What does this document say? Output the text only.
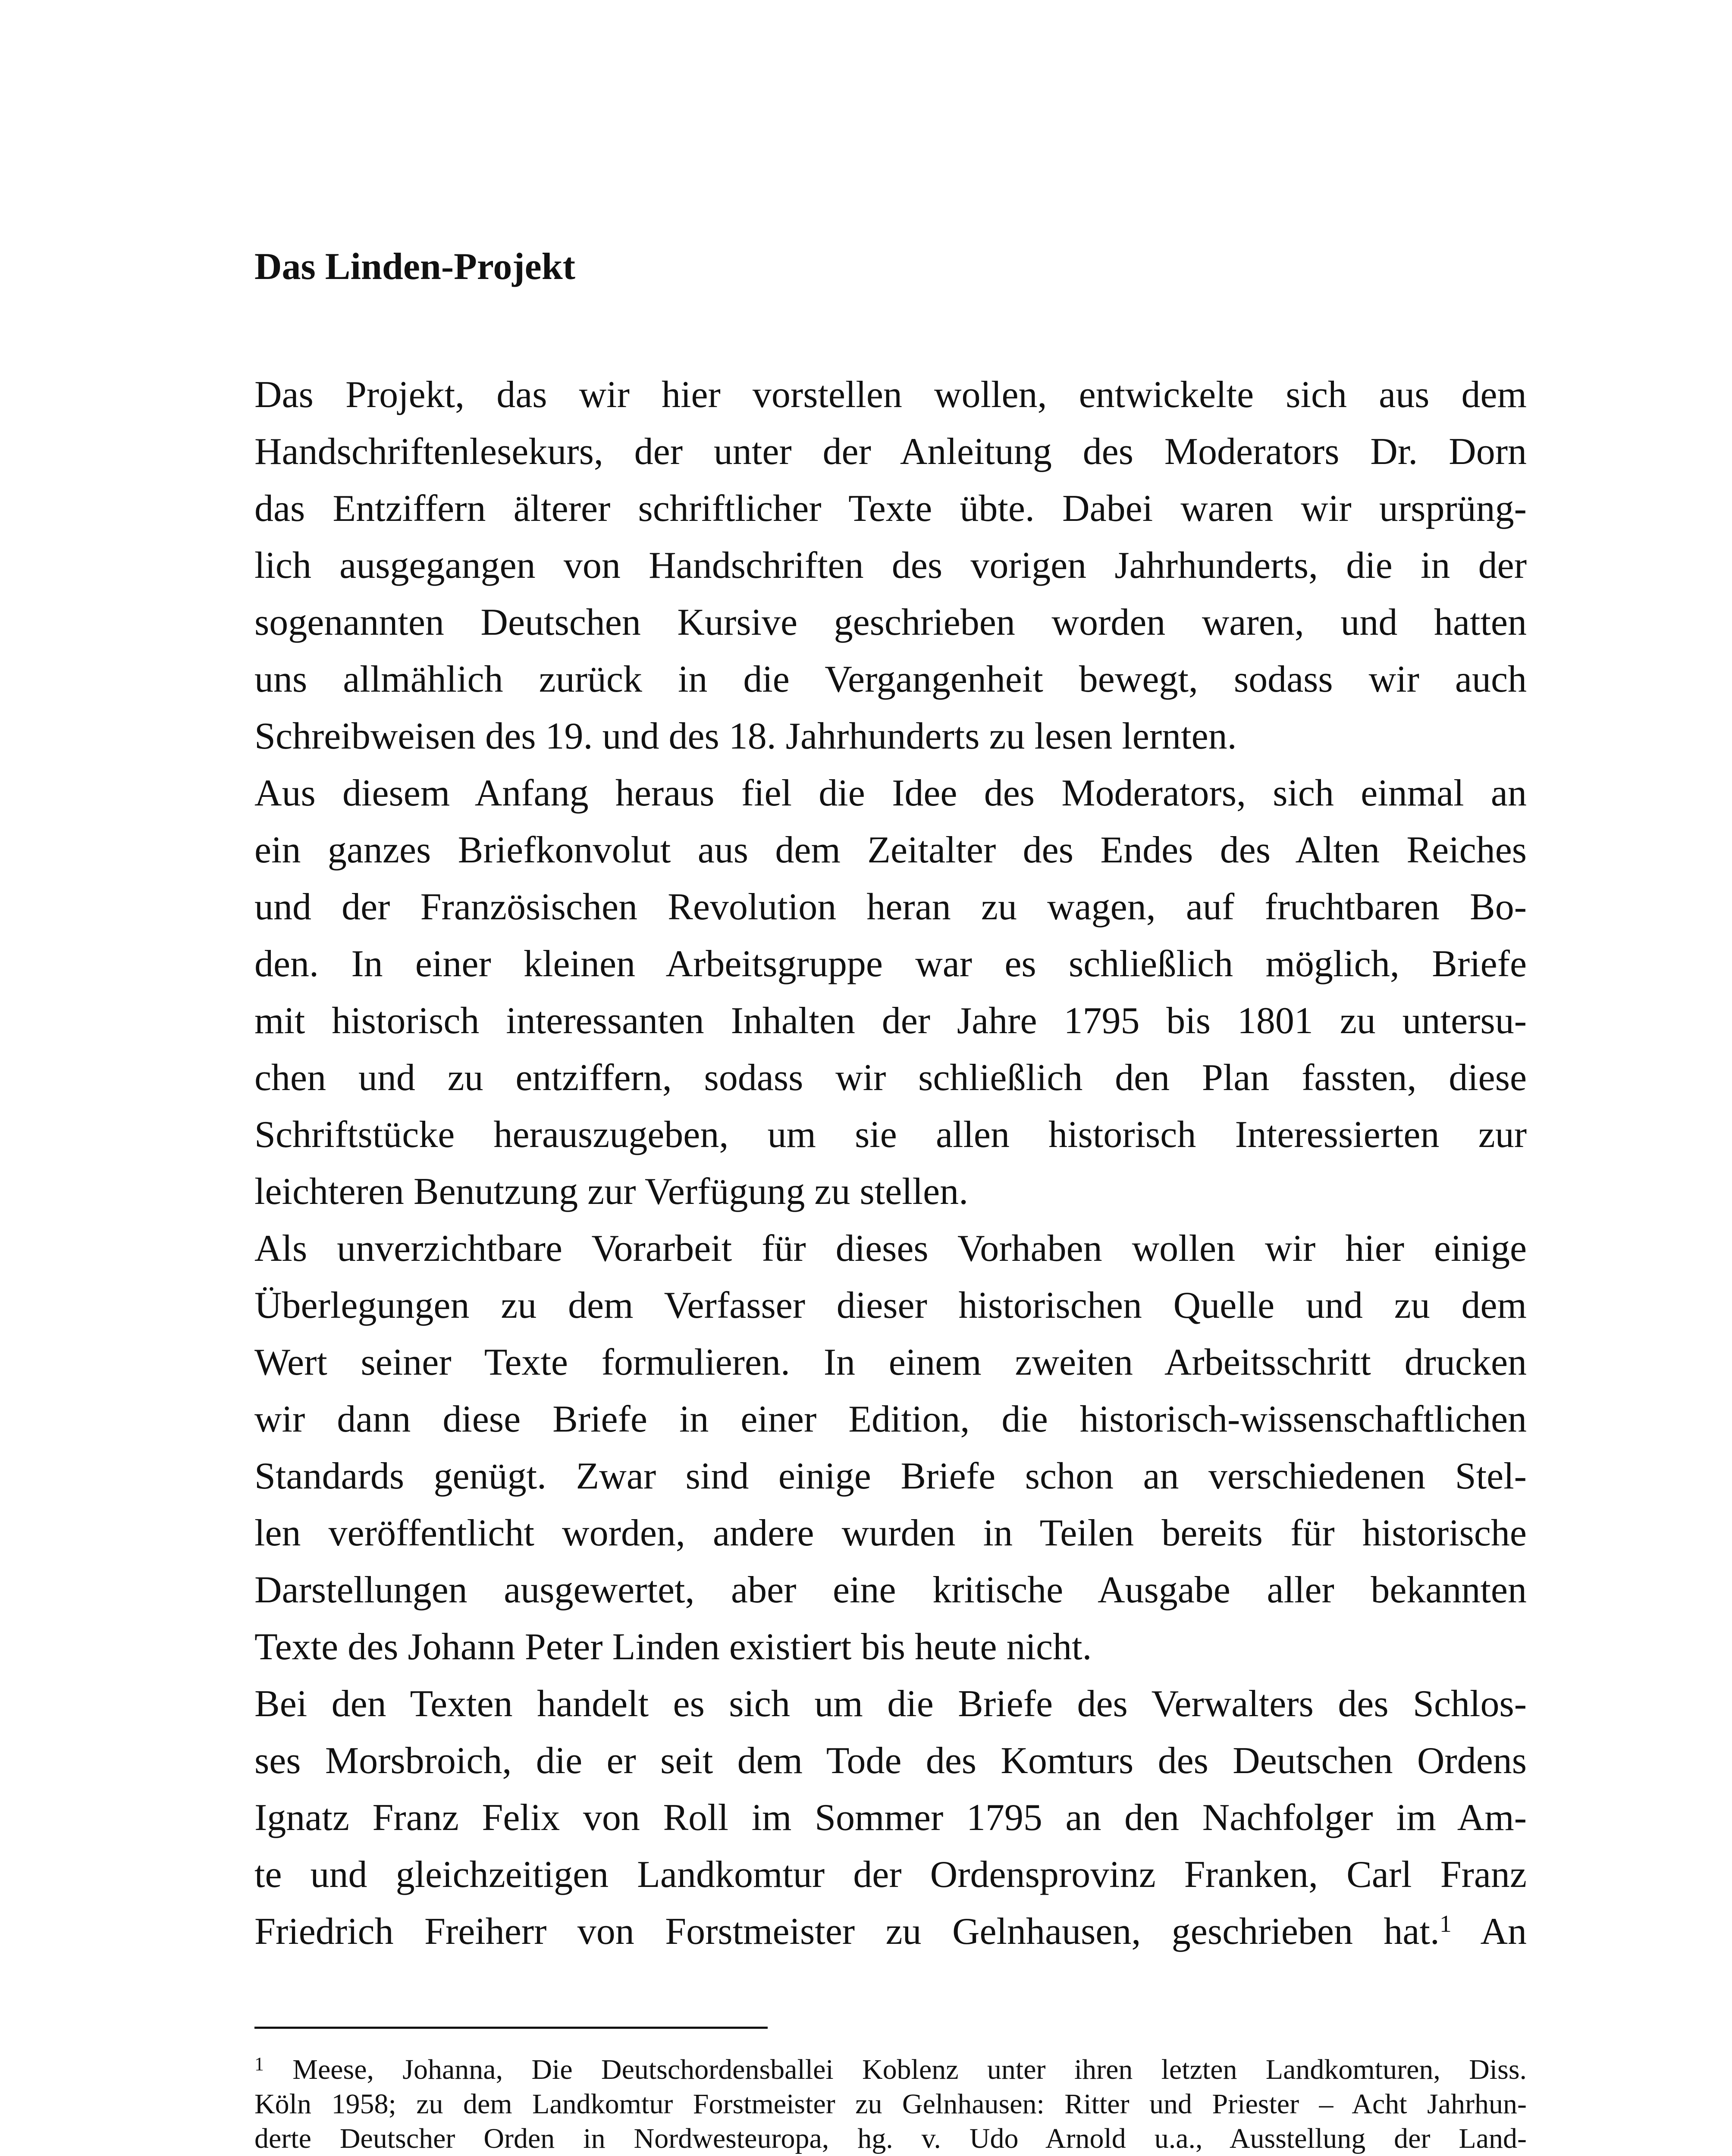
Das Linden-Projekt
Das Projekt, das wir hier vorstellen wollen, entwickelte sich aus dem
Handschriftenlesekurs, der unter der Anleitung des Moderators Dr. Dorn
das Entziffern älterer schriftlicher Texte übte. Dabei waren wir ursprüng-
lich ausgegangen von Handschriften des vorigen Jahrhunderts, die in der
sogenannten Deutschen Kursive geschrieben worden waren, und hatten
uns allmählich zurück in die Vergangenheit bewegt, sodass wir auch
Schreibweisen des 19. und des 18. Jahrhunderts zu lesen lernten.
Aus diesem Anfang heraus fiel die Idee des Moderators, sich einmal an
ein ganzes Briefkonvolut aus dem Zeitalter des Endes des Alten Reiches
und der Französischen Revolution heran zu wagen, auf fruchtbaren Bo-
den. In einer kleinen Arbeitsgruppe war es schließlich möglich, Briefe
mit historisch interessanten Inhalten der Jahre 1795 bis 1801 zu untersu-
chen und zu entziffern, sodass wir schließlich den Plan fassten, diese
Schriftstücke herauszugeben, um sie allen historisch Interessierten zur
leichteren Benutzung zur Verfügung zu stellen.
Als unverzichtbare Vorarbeit für dieses Vorhaben wollen wir hier einige
Überlegungen zu dem Verfasser dieser historischen Quelle und zu dem
Wert seiner Texte formulieren. In einem zweiten Arbeitsschritt drucken
wir dann diese Briefe in einer Edition, die historisch-wissenschaftlichen
Standards genügt. Zwar sind einige Briefe schon an verschiedenen Stel-
len veröffentlicht worden, andere wurden in Teilen bereits für historische
Darstellungen ausgewertet, aber eine kritische Ausgabe aller bekannten
Texte des Johann Peter Linden existiert bis heute nicht.
Bei den Texten handelt es sich um die Briefe des Verwalters des Schlos-
ses Morsbroich, die er seit dem Tode des Komturs des Deutschen Ordens
Ignatz Franz Felix von Roll im Sommer 1795 an den Nachfolger im Am-
te und gleichzeitigen Landkomtur der Ordensprovinz Franken, Carl Franz
Friedrich Freiherr von Forstmeister zu Gelnhausen, geschrieben hat.$^1$ An
$^1$ Meese, Johanna, Die Deutschordensballei Koblenz unter ihren letzten Landkomturen, Diss.
Köln 1958; zu dem Landkomtur Forstmeister zu Gelnhausen: Ritter und Priester – Acht Jahrhun-
derte Deutscher Orden in Nordwesteuropa, hg. v. Udo Arnold u.a., Ausstellung der Land-
